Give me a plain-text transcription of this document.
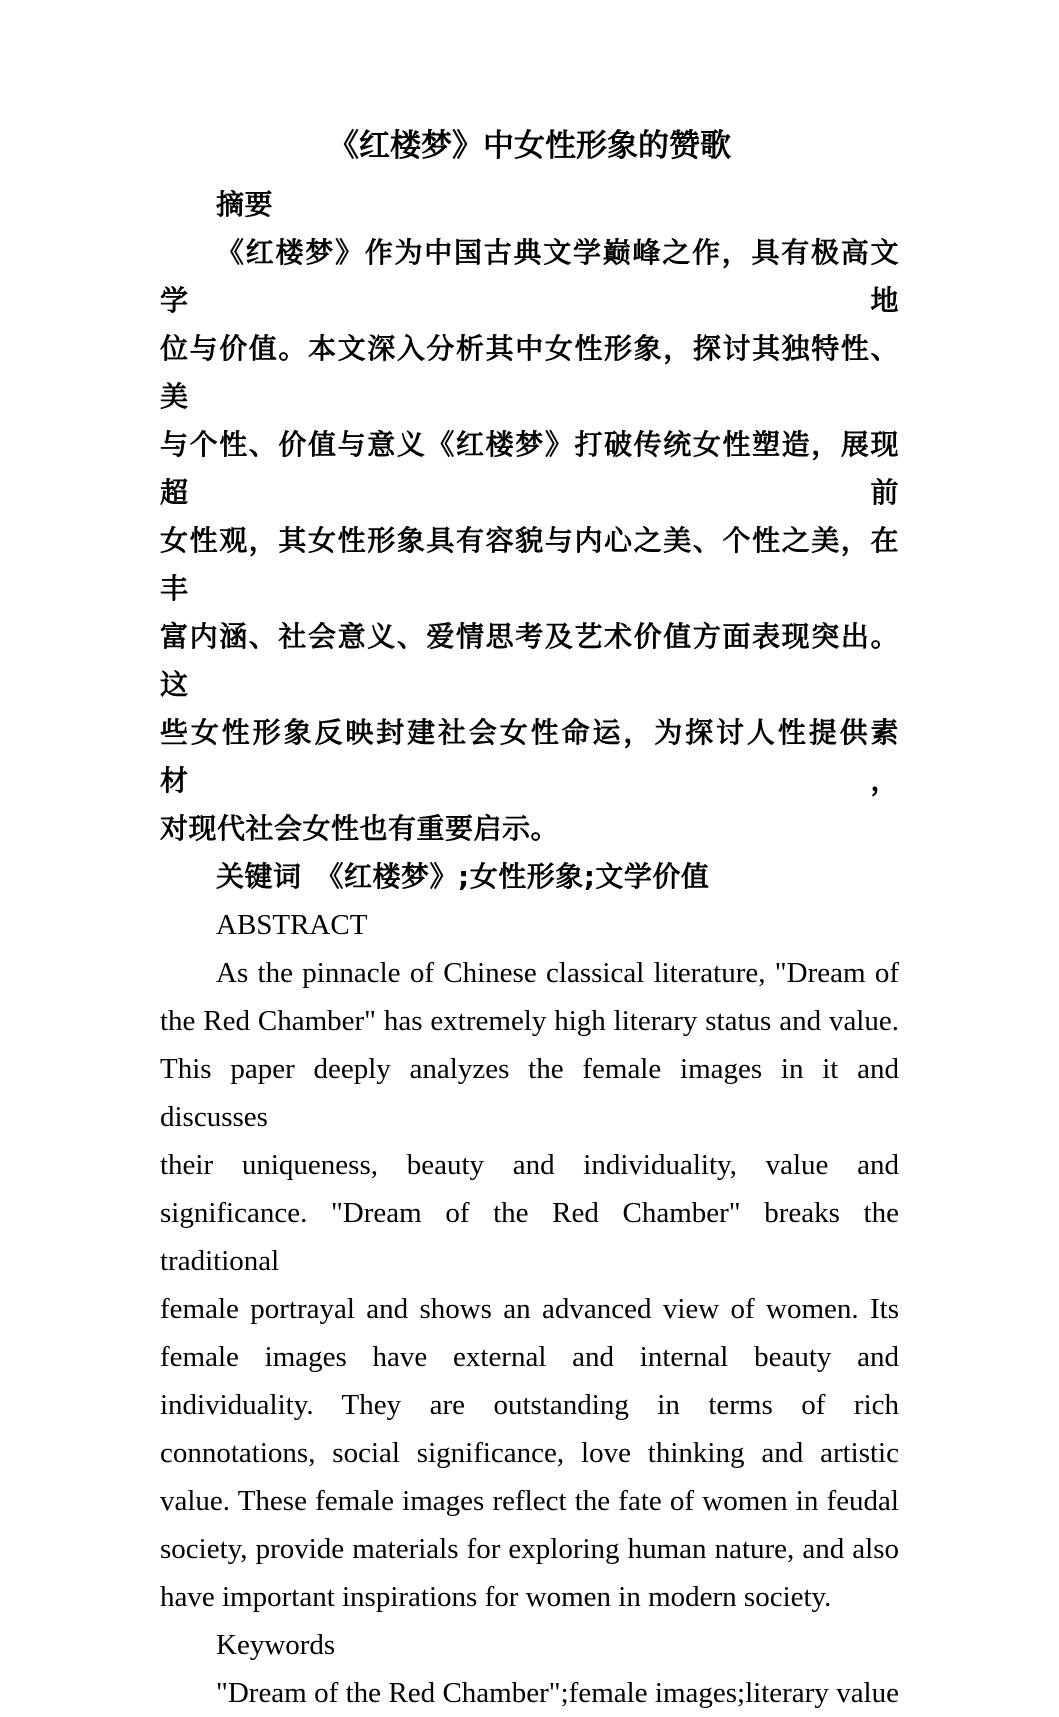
《红楼梦》中女性形象的赞歌
摘要
《红楼梦》作为中国古典文学巅峰之作，具有极高文学地
位与价值。本文深入分析其中女性形象，探讨其独特性、美
与个性、价值与意义《红楼梦》打破传统女性塑造，展现超前
女性观，其女性形象具有容貌与内心之美、个性之美，在丰
富内涵、社会意义、爱情思考及艺术价值方面表现突出。这
些女性形象反映封建社会女性命运，为探讨人性提供素材，
对现代社会女性也有重要启示。
关键词 《红楼梦》;女性形象;文学价值
ABSTRACT
As the pinnacle of Chinese classical literature, "Dream of
the Red Chamber" has extremely high literary status and value.
This paper deeply analyzes the female images in it and discusses
their uniqueness, beauty and individuality, value and
significance. "Dream of the Red Chamber" breaks the traditional
female portrayal and shows an advanced view of women. Its
female images have external and internal beauty and
individuality. They are outstanding in terms of rich
connotations, social significance, love thinking and artistic
value. These female images reflect the fate of women in feudal
society, provide materials for exploring human nature, and also
have important inspirations for women in modern society.
Keywords
"Dream of the Red Chamber";female images;literary value
